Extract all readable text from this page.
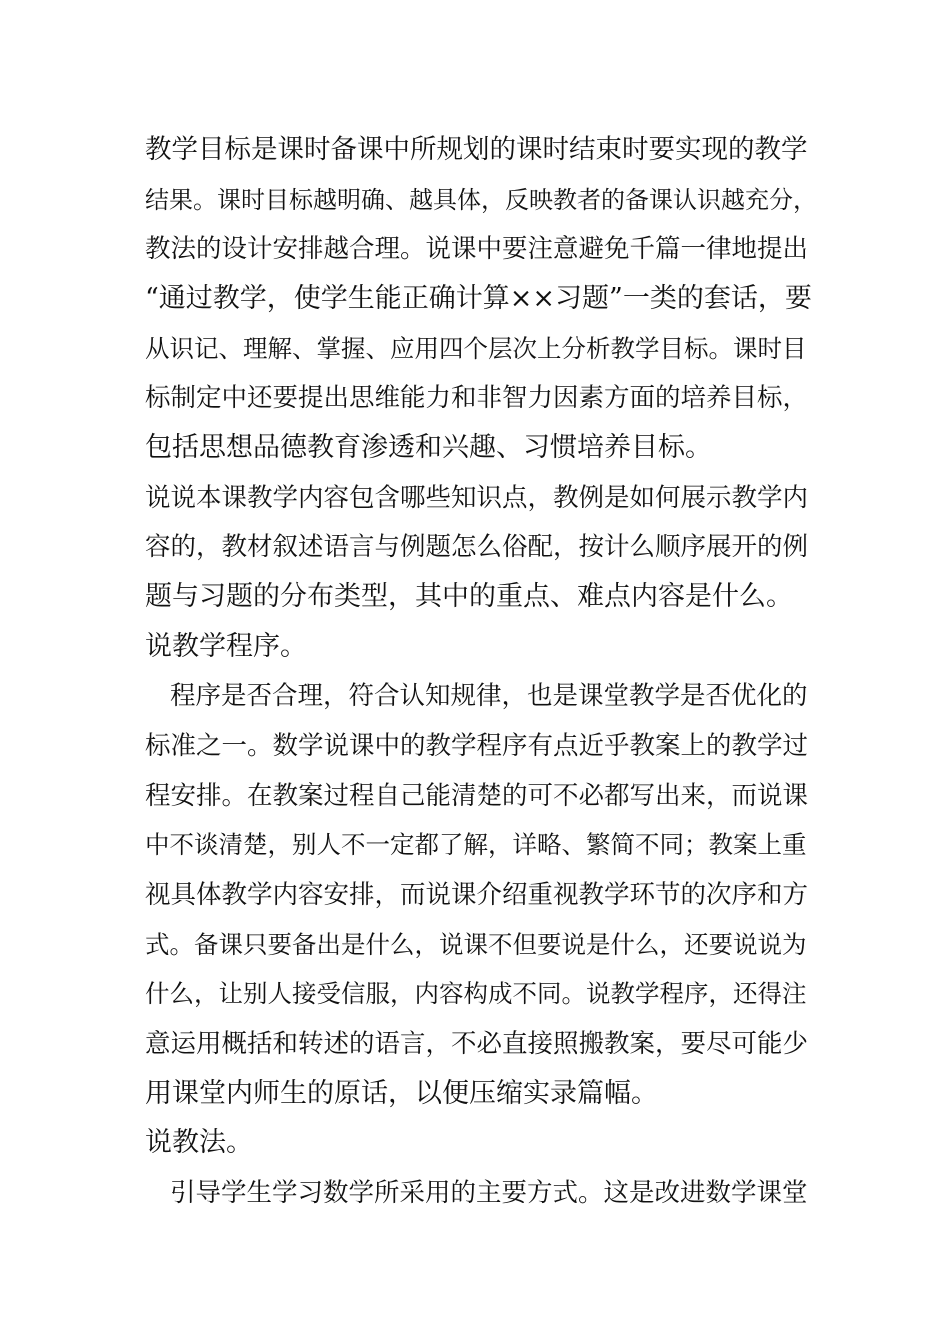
教学目标是课时备课中所规划的课时结束时要实现的教学
结果。课时目标越明确、越具体，反映教者的备课认识越充分，
教法的设计安排越合理。说课中要注意避免千篇一律地提出
“通过教学，使学生能正确计算××习题”一类的套话，要
从识记、理解、掌握、应用四个层次上分析教学目标。课时目
标制定中还要提出思维能力和非智力因素方面的培养目标，
包括思想品德教育渗透和兴趣、习惯培养目标。
说说本课教学内容包含哪些知识点，教例是如何展示教学内
容的，教材叙述语言与例题怎么俗配，按计么顺序展开的例
题与习题的分布类型，其中的重点、难点内容是什么。
说教学程序。
程序是否合理，符合认知规律，也是课堂教学是否优化的
标准之一。数学说课中的教学程序有点近乎教案上的教学过
程安排。在教案过程自己能清楚的可不必都写出来，而说课
中不谈清楚，别人不一定都了解，详略、繁简不同；教案上重
视具体教学内容安排，而说课介绍重视教学环节的次序和方
式。备课只要备出是什么，说课不但要说是什么，还要说说为
什么，让别人接受信服，内容构成不同。说教学程序，还得注
意运用概括和转述的语言，不必直接照搬教案，要尽可能少
用课堂内师生的原话，以便压缩实录篇幅。
说教法。
引导学生学习数学所采用的主要方式。这是改进数学课堂
